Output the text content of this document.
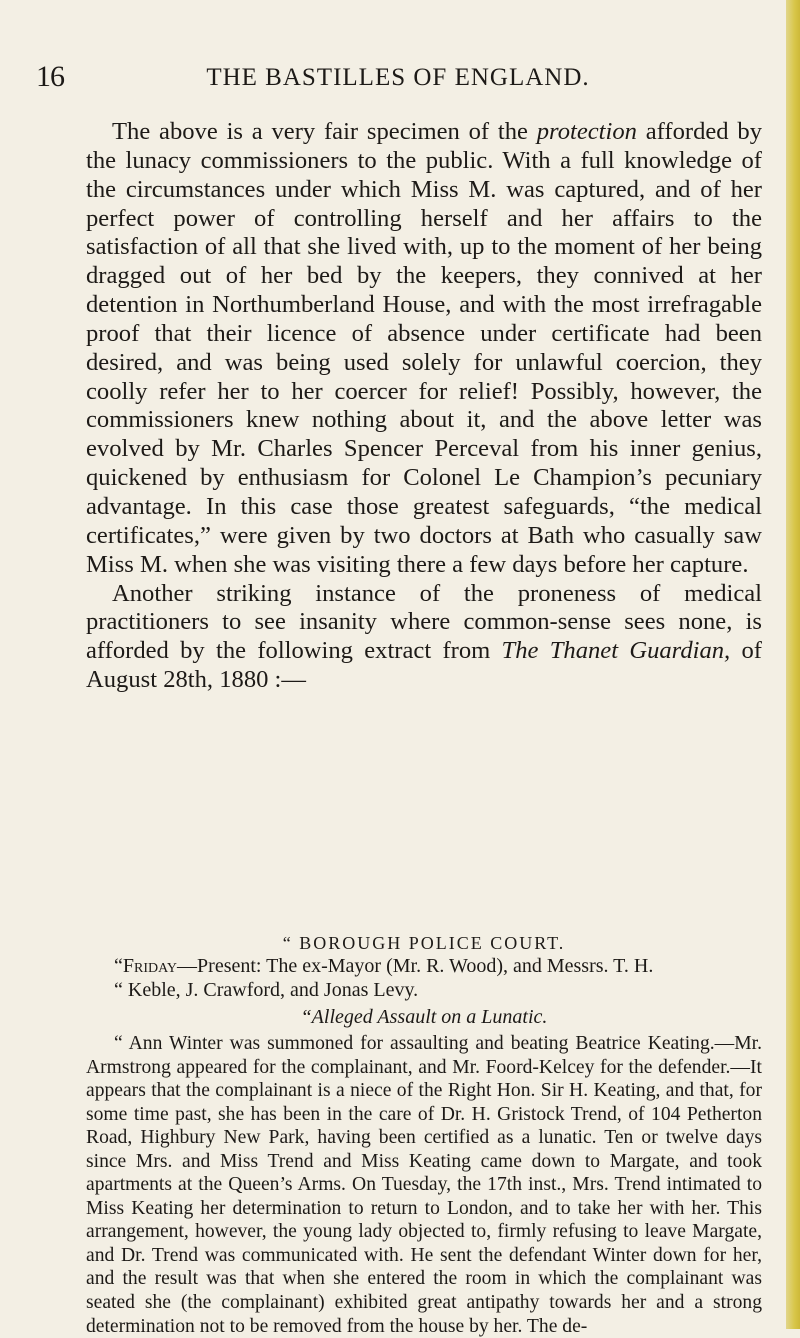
16	THE BASTILLES OF ENGLAND.

The above is a very fair specimen of the protection afforded by the lunacy commissioners to the public. With a full knowledge of the circumstances under which Miss M. was captured, and of her perfect power of controlling herself and her affairs to the satisfaction of all that she lived with, up to the moment of her being dragged out of her bed by the keepers, they connived at her detention in Northumberland House, and with the most irrefragable proof that their licence of absence under certificate had been desired, and was being used solely for unlawful coercion, they coolly refer her to her coercer for relief! Possibly, however, the commissioners knew nothing about it, and the above letter was evolved by Mr. Charles Spencer Perceval from his inner genius, quickened by enthusiasm for Colonel Le Champion’s pecuniary advantage. In this case those greatest safeguards, “the medical certificates,” were given by two doctors at Bath who casually saw Miss M. when she was visiting there a few days before her capture.

Another striking instance of the proneness of medical practitioners to see insanity where common-sense sees none, is afforded by the following extract from The Thanet Guardian, of August 28th, 1880 :—

“ BOROUGH POLICE COURT.

“Friday—Present: The ex-Mayor (Mr. R. Wood), and Messrs. T. H.

“ Keble, J. Crawford, and Jonas Levy.

“Alleged Assault on a Lunatic.

“ Ann Winter was summoned for assaulting and beating Beatrice Keating.—Mr. Armstrong appeared for the complainant, and Mr. Foord-Kelcey for the defender.—It appears that the complainant is a niece of the Right Hon. Sir H. Keating, and that, for some time past, she has been in the care of Dr. H. Gristock Trend, of 104 Petherton Road, Highbury New Park, having been certified as a lunatic. Ten or twelve days since Mrs. and Miss Trend and Miss Keating came down to Margate, and took apartments at the Queen’s Arms. On Tuesday, the 17th inst., Mrs. Trend intimated to Miss Keating her determination to return to London, and to take her with her. This arrangement, however, the young lady objected to, firmly refusing to leave Margate, and Dr. Trend was communicated with. He sent the defendant Winter down for her, and the result was that when she entered the room in which the complainant was seated she (the complainant) exhibited great antipathy towards her and a strong determination not to be removed from the house by her. The de-
